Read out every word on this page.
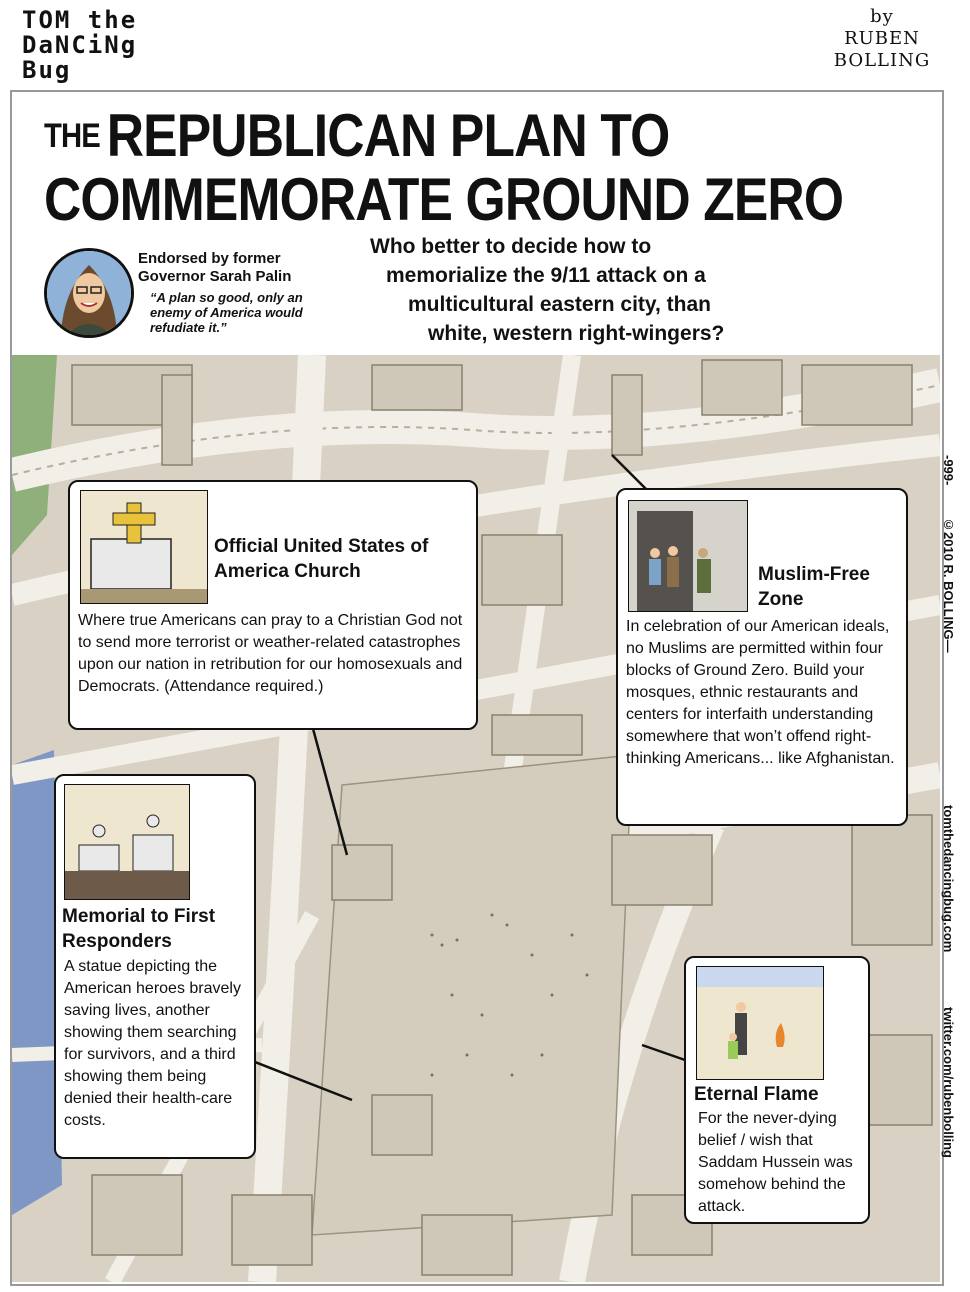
TOM the
DaNCiNg
Bug
by
RUBEN
BOLLING
$^{THE}$ REPUBLICAN PLAN TO
COMMEMORATE GROUND ZERO
Endorsed by former Governor Sarah Palin
“A plan so good, only an enemy of America would refudiate it.”
Who better to decide how to
memorialize the 9/11 attack on a
multicultural eastern city, than
white, western right-wingers?
Official United States of America Church
Where true Americans can pray to a Christian God not to send more terrorist or weather-related catastrophes upon our nation in retribution for our homosexuals and Democrats. (Attendance required.)
Muslim-Free Zone
In celebration of our American ideals, no Muslims are permitted within four blocks of Ground Zero. Build your mosques, ethnic restaurants and centers for interfaith understanding somewhere that won’t offend right-thinking Americans... like Afghanistan.
Memorial to First Responders
A statue depicting the American heroes bravely saving lives, another showing them searching for survivors, and a third showing them being denied their health-care costs.
Eternal Flame
For the never-dying belief / wish that Saddam Hussein was somehow behind the attack.
-999-
©2010 R. BOLLING—
tomthedancingbug.com
twitter.com/rubenbolling
